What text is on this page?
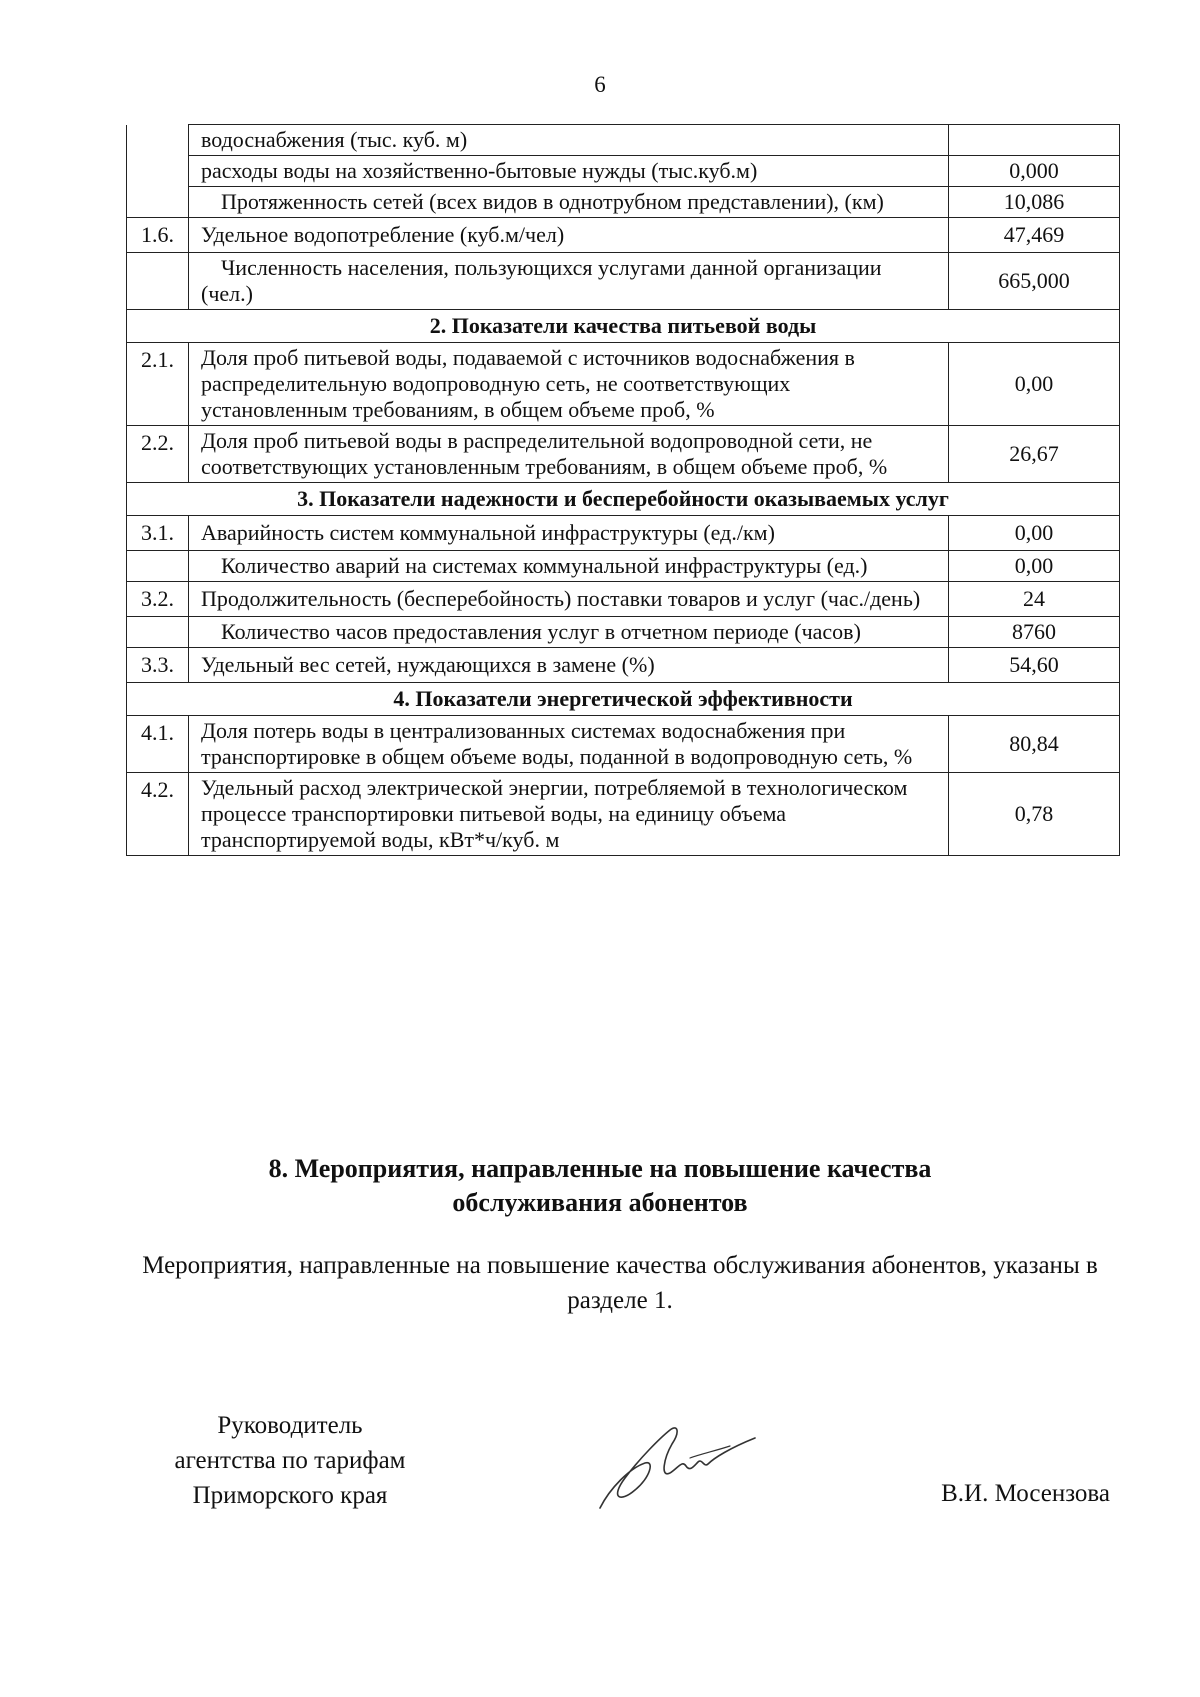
6
	водоснабжения (тыс. куб. м)	
	расходы воды на хозяйственно-бытовые нужды (тыс.куб.м)	0,000
	Протяженность сетей (всех видов в однотрубном представлении), (км)	10,086
1.6.	Удельное водопотребление (куб.м/чел)	47,469
	Численность населения, пользующихся услугами данной организации (чел.)	665,000
2. Показатели качества питьевой воды		
2.1.	Доля проб питьевой воды, подаваемой с источников водоснабжения в распределительную водопроводную сеть, не соответствующих установленным требованиям, в общем объеме проб, %	0,00
2.2.	Доля проб питьевой воды в распределительной водопроводной сети, не соответствующих установленным требованиям, в общем объеме проб, %	26,67
3. Показатели надежности и бесперебойности оказываемых услуг		
3.1.	Аварийность систем коммунальной инфраструктуры (ед./км)	0,00
	Количество аварий на системах коммунальной инфраструктуры (ед.)	0,00
3.2.	Продолжительность (бесперебойность) поставки товаров и услуг (час./день)	24
	Количество часов предоставления услуг в отчетном периоде (часов)	8760
3.3.	Удельный вес сетей, нуждающихся в замене (%)	54,60
4. Показатели энергетической эффективности		
4.1.	Доля потерь воды в централизованных системах водоснабжения при транспортировке в общем объеме воды, поданной в водопроводную сеть, %	80,84
4.2.	Удельный расход электрической энергии, потребляемой в технологическом процессе транспортировки питьевой воды, на единицу объема транспортируемой воды, кВт*ч/куб. м	0,78
8. Мероприятия, направленные на повышение качества
обслуживания абонентов
Мероприятия, направленные на повышение качества обслуживания абонентов, указаны в разделе 1.
Руководитель
агентства по тарифам
Приморского края	В.И. Мосензова
